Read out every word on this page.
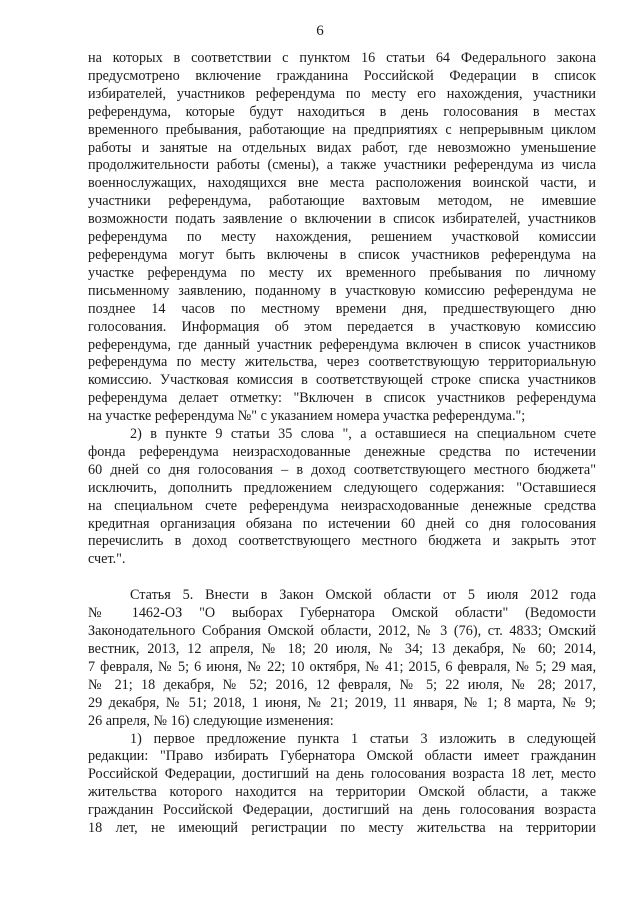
6
на которых в соответствии с пунктом 16 статьи 64 Федерального закона
предусмотрено включение гражданина Российской Федерации в список
избирателей, участников референдума по месту его нахождения, участники
референдума, которые будут находиться в день голосования в местах
временного пребывания, работающие на предприятиях с непрерывным циклом
работы и занятые на отдельных видах работ, где невозможно уменьшение
продолжительности работы (смены), а также участники референдума из числа
военнослужащих, находящихся вне места расположения воинской части, и
участники референдума, работающие вахтовым методом, не имевшие
возможности подать заявление о включении в список избирателей, участников
референдума по месту нахождения, решением участковой комиссии
референдума могут быть включены в список участников референдума на
участке референдума по месту их временного пребывания по личному
письменному заявлению, поданному в участковую комиссию референдума не
позднее 14 часов по местному времени дня, предшествующего дню
голосования. Информация об этом передается в участковую комиссию
референдума, где данный участник референдума включен в список участников
референдума по месту жительства, через соответствующую территориальную
комиссию. Участковая комиссия в соответствующей строке списка участников
референдума делает отметку: "Включен в список участников референдума
на участке референдума №" с указанием номера участка референдума.";
2) в пункте 9 статьи 35 слова ", а оставшиеся на специальном счете
фонда референдума неизрасходованные денежные средства по истечении
60 дней со дня голосования – в доход соответствующего местного бюджета"
исключить, дополнить предложением следующего содержания: "Оставшиеся
на специальном счете референдума неизрасходованные денежные средства
кредитная организация обязана по истечении 60 дней со дня голосования
перечислить в доход соответствующего местного бюджета и закрыть этот
счет.".
Статья 5. Внести в Закон Омской области от 5 июля 2012 года
№ 1462-ОЗ "О выборах Губернатора Омской области" (Ведомости
Законодательного Собрания Омской области, 2012, № 3 (76), ст. 4833; Омский
вестник, 2013, 12 апреля, № 18; 20 июля, № 34; 13 декабря, № 60; 2014,
7 февраля, № 5; 6 июня, № 22; 10 октября, № 41; 2015, 6 февраля, № 5; 29 мая,
№ 21; 18 декабря, № 52; 2016, 12 февраля, № 5; 22 июля, № 28; 2017,
29 декабря, № 51; 2018, 1 июня, № 21; 2019, 11 января, № 1; 8 марта, № 9;
26 апреля, № 16) следующие изменения:
1) первое предложение пункта 1 статьи 3 изложить в следующей
редакции: "Право избирать Губернатора Омской области имеет гражданин
Российской Федерации, достигший на день голосования возраста 18 лет, место
жительства которого находится на территории Омской области, а также
гражданин Российской Федерации, достигший на день голосования возраста
18 лет, не имеющий регистрации по месту жительства на территории
